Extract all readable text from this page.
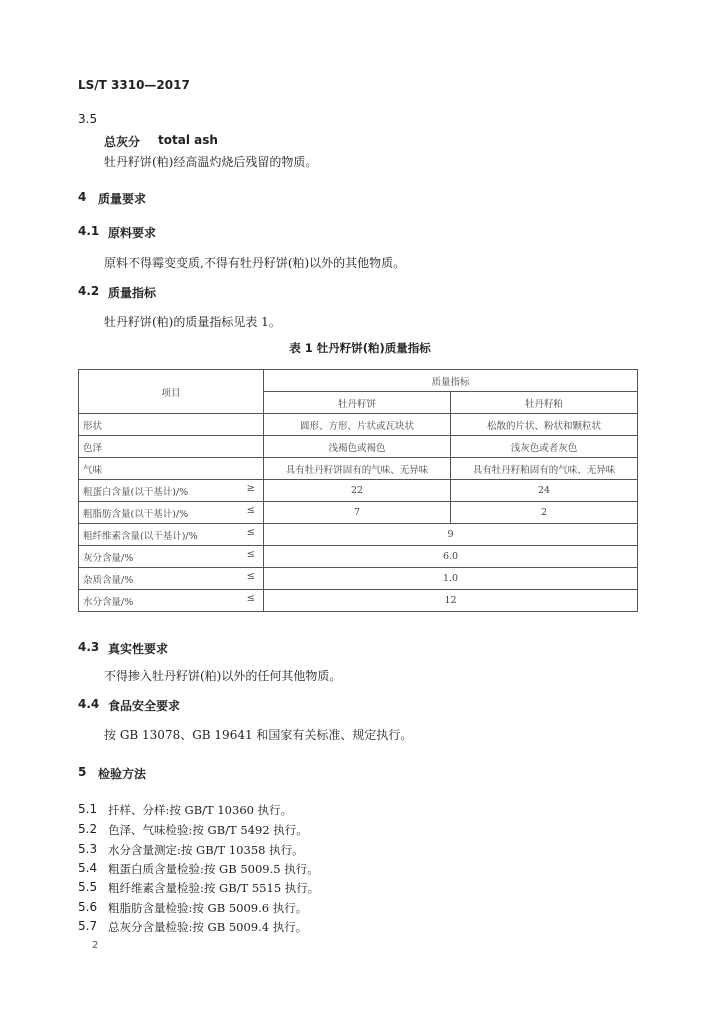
LS/T 3310—2017
3.5
总灰分 total ash
牡丹籽饼(粕)经高温灼烧后残留的物质。
4 质量要求
4.1 原料要求
原料不得霉变变质,不得有牡丹籽饼(粕)以外的其他物质。
4.2 质量指标
牡丹籽饼(粕)的质量指标见表 1。
表 1 牡丹籽饼(粕)质量指标
项目	质量指标	
	牡丹籽饼	牡丹籽粕
形状	圆形、方形、片状或瓦块状	松散的片状、粉状和颗粒状
色泽	浅褐色或褐色	浅灰色或者灰色
气味	具有牡丹籽饼固有的气味、无异味	具有牡丹籽粕固有的气味、无异味
粗蛋白含量(以干基计)/% ≥	22	24
粗脂肪含量(以干基计)/% ≤	7	2
粗纤维素含量(以干基计)/% ≤	9	
灰分含量/% ≤	6.0	
杂质含量/% ≤	1.0	
水分含量/% ≤	12	
4.3 真实性要求
不得掺入牡丹籽饼(粕)以外的任何其他物质。
4.4 食品安全要求
按 GB 13078、GB 19641 和国家有关标准、规定执行。
5 检验方法
5.1 扦样、分样:按 GB/T 10360 执行。
5.2 色泽、气味检验:按 GB/T 5492 执行。
5.3 水分含量测定:按 GB/T 10358 执行。
5.4 粗蛋白质含量检验:按 GB 5009.5 执行。
5.5 粗纤维素含量检验:按 GB/T 5515 执行。
5.6 粗脂肪含量检验:按 GB 5009.6 执行。
5.7 总灰分含量检验:按 GB 5009.4 执行。
2
